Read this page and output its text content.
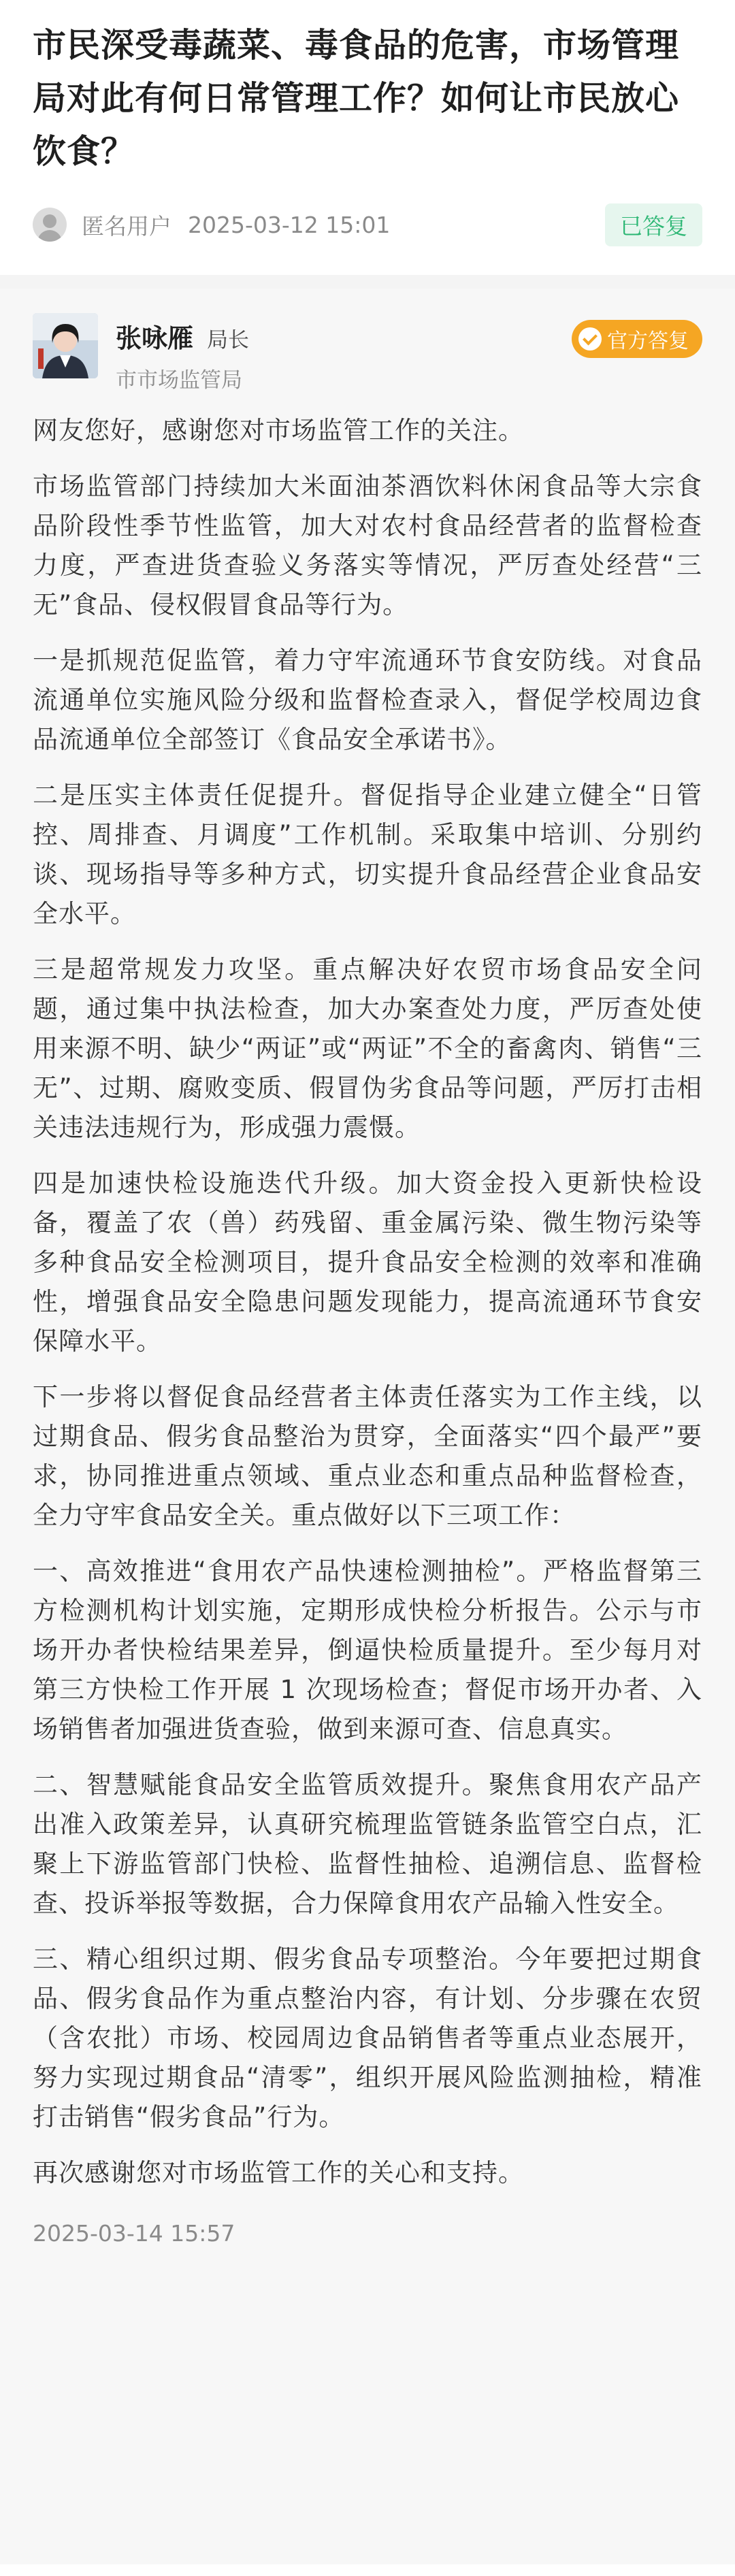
市民深受毒蔬菜、毒食品的危害，市场管理局对此有何日常管理工作？如何让市民放心饮食？
匿名用户 2025-03-12 15:01	已答复
张咏雁 局长
市市场监管局
官方答复

网友您好，感谢您对市场监管工作的关注。

市场监管部门持续加大米面油茶酒饮料休闲食品等大宗食品阶段性季节性监管，加大对农村食品经营者的监督检查力度，严查进货查验义务落实等情况，严厉查处经营“三无”食品、侵权假冒食品等行为。

一是抓规范促监管，着力守牢流通环节食安防线。对食品流通单位实施风险分级和监督检查录入，督促学校周边食品流通单位全部签订《食品安全承诺书》。

二是压实主体责任促提升。督促指导企业建立健全“日管控、周排查、月调度”工作机制。采取集中培训、分别约谈、现场指导等多种方式，切实提升食品经营企业食品安全水平。

三是超常规发力攻坚。重点解决好农贸市场食品安全问题，通过集中执法检查，加大办案查处力度，严厉查处使用来源不明、缺少“两证”或“两证”不全的畜禽肉、销售“三无”、过期、腐败变质、假冒伪劣食品等问题，严厉打击相关违法违规行为，形成强力震慑。

四是加速快检设施迭代升级。加大资金投入更新快检设备，覆盖了农（兽）药残留、重金属污染、微生物污染等多种食品安全检测项目，提升食品安全检测的效率和准确性，增强食品安全隐患问题发现能力，提高流通环节食安保障水平。

下一步将以督促食品经营者主体责任落实为工作主线，以过期食品、假劣食品整治为贯穿，全面落实“四个最严”要求，协同推进重点领域、重点业态和重点品种监督检查，全力守牢食品安全关。重点做好以下三项工作：

一、高效推进“食用农产品快速检测抽检”。严格监督第三方检测机构计划实施，定期形成快检分析报告。公示与市场开办者快检结果差异，倒逼快检质量提升。至少每月对第三方快检工作开展 1 次现场检查；督促市场开办者、入场销售者加强进货查验，做到来源可查、信息真实。

二、智慧赋能食品安全监管质效提升。聚焦食用农产品产出准入政策差异，认真研究梳理监管链条监管空白点，汇聚上下游监管部门快检、监督性抽检、追溯信息、监督检查、投诉举报等数据，合力保障食用农产品输入性安全。

三、精心组织过期、假劣食品专项整治。今年要把过期食品、假劣食品作为重点整治内容，有计划、分步骤在农贸（含农批）市场、校园周边食品销售者等重点业态展开，努力实现过期食品“清零”，组织开展风险监测抽检，精准打击销售“假劣食品”行为。

再次感谢您对市场监管工作的关心和支持。

2025-03-14 15:57
